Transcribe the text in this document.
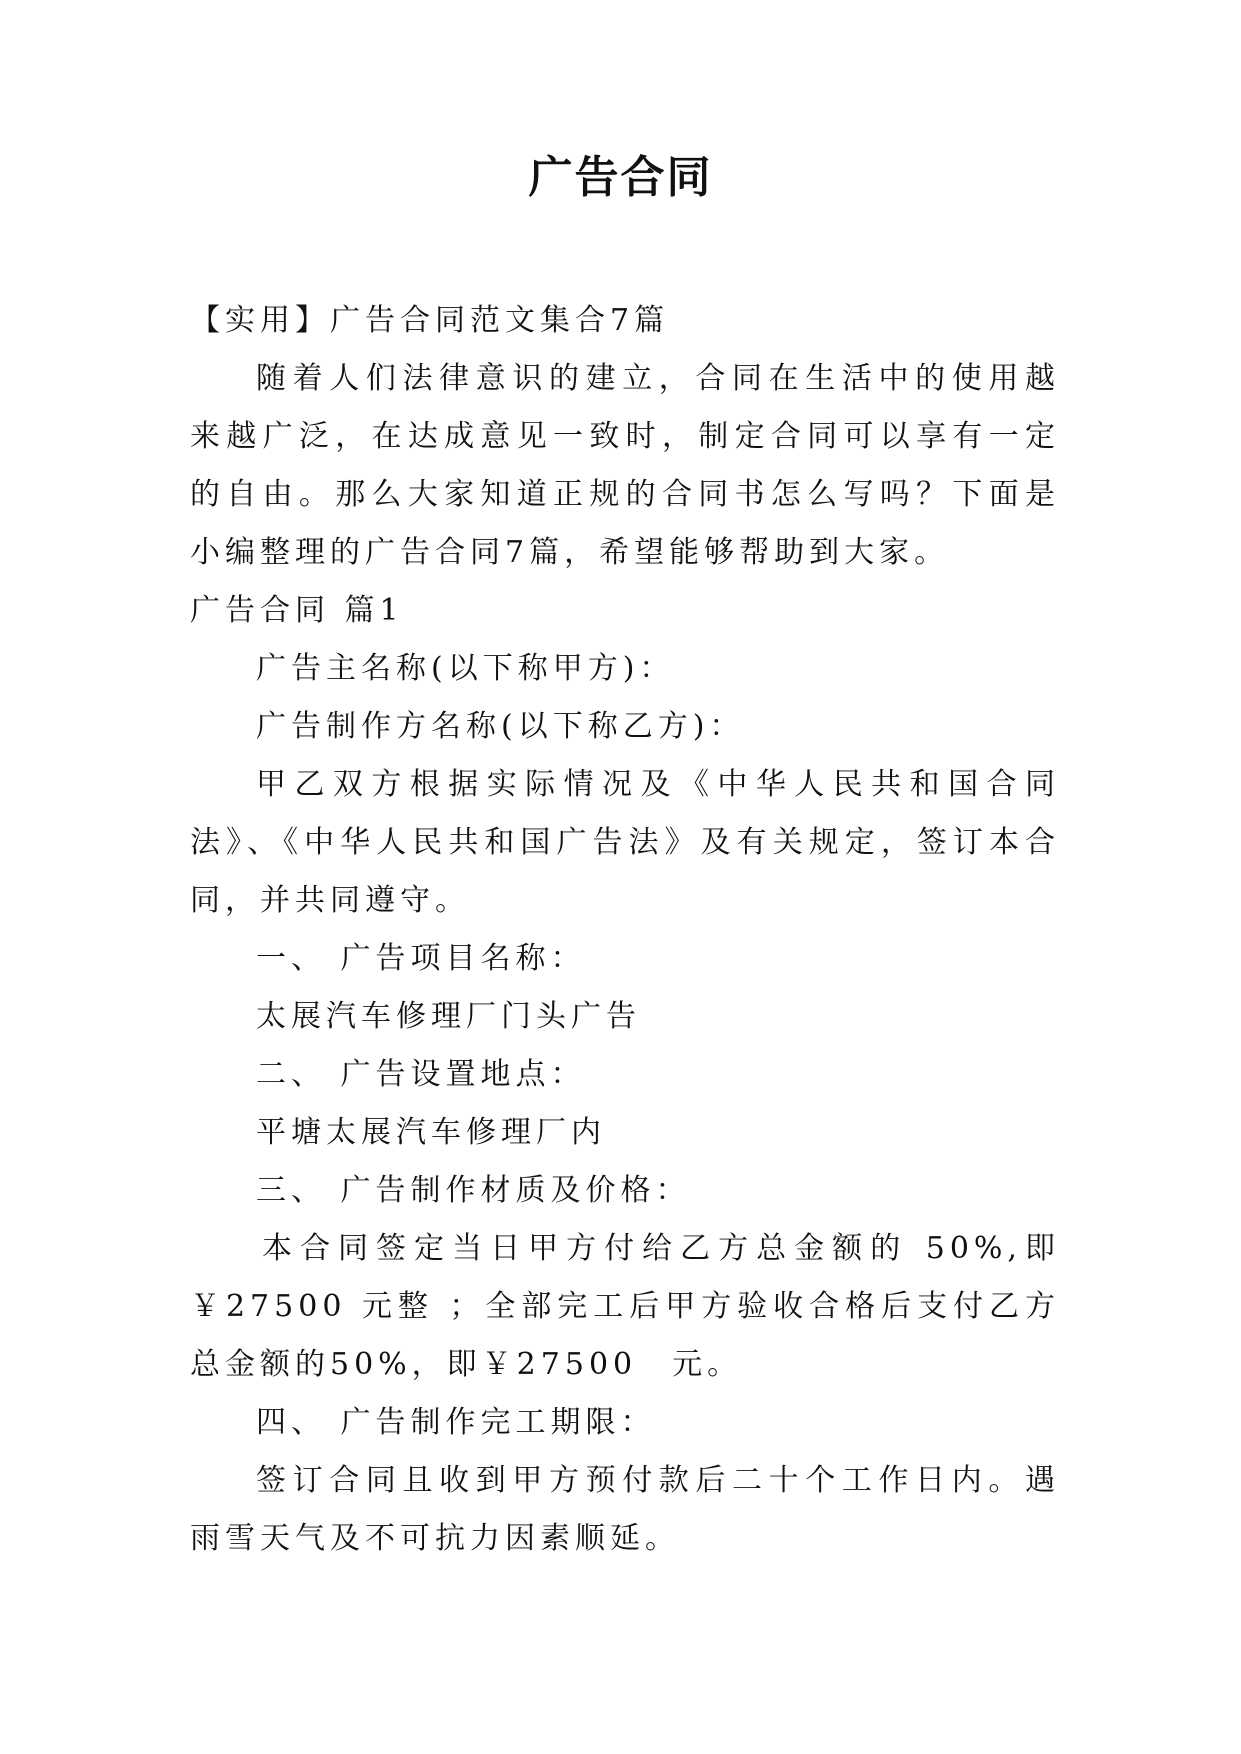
广告合同

【实用】广告合同范文集合7篇

随着人们法律意识的建立，合同在生活中的使用越来越广泛，在达成意见一致时，制定合同可以享有一定的自由。那么大家知道正规的合同书怎么写吗？下面是小编整理的广告合同7篇，希望能够帮助到大家。

广告合同 篇1

广告主名称(以下称甲方)：

广告制作方名称(以下称乙方)：

甲乙双方根据实际情况及《中华人民共和国合同法》、《中华人民共和国广告法》及有关规定，签订本合同，并共同遵守。

一、 广告项目名称：

太展汽车修理厂门头广告

二、 广告设置地点：

平塘太展汽车修理厂内

三、 广告制作材质及价格：

本合同签定当日甲方付给乙方总金额的 50%,即￥27500 元整 ；全部完工后甲方验收合格后支付乙方总金额的50%，即￥27500　元。

四、 广告制作完工期限：

签订合同且收到甲方预付款后二十个工作日内。遇雨雪天气及不可抗力因素顺延。
